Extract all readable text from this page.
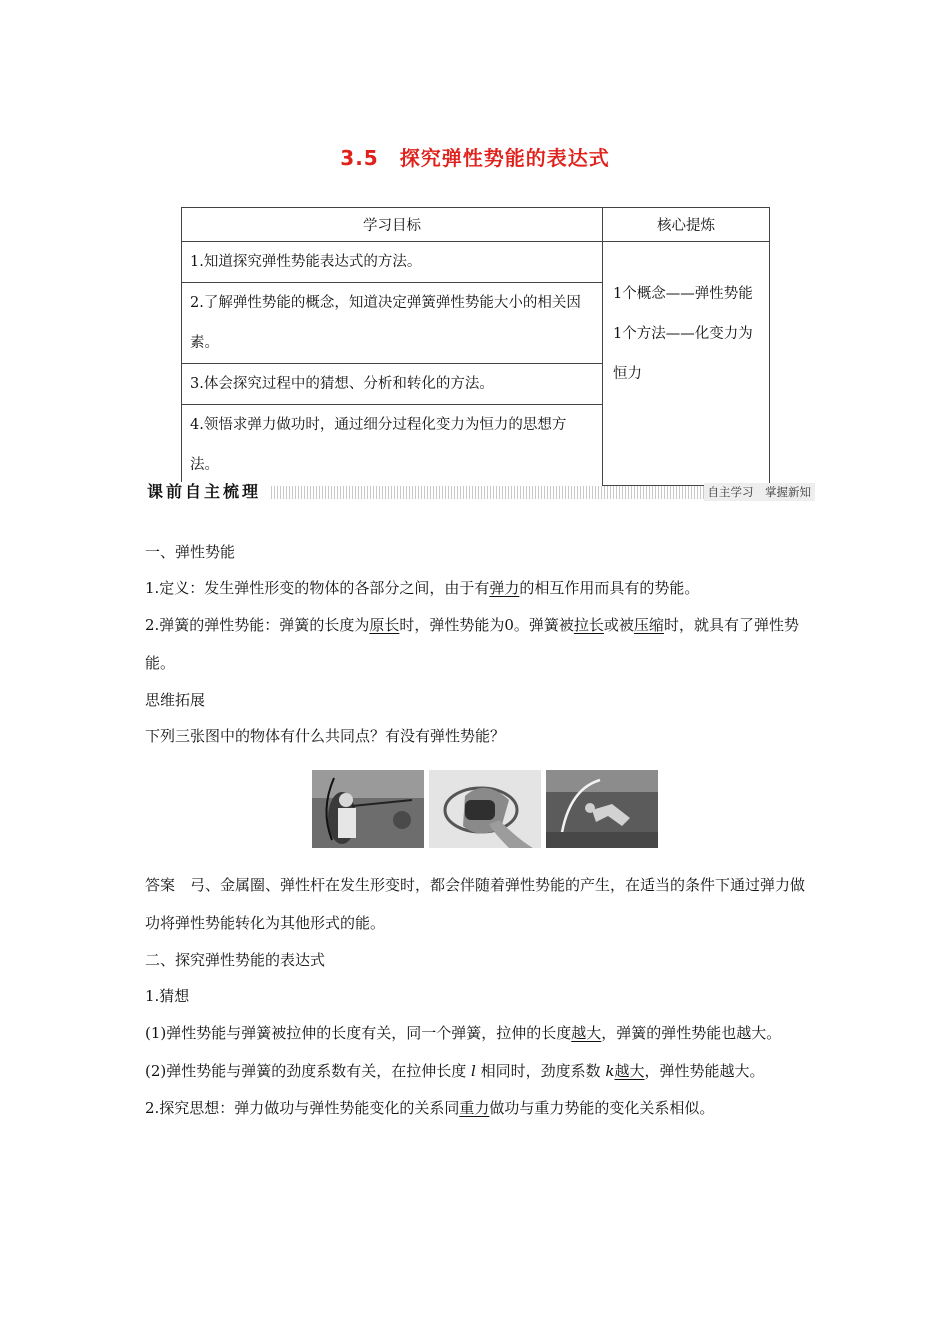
3.5　探究弹性势能的表达式
学习目标	核心提炼
1.知道探究弹性势能表达式的方法。	1个概念——弹性势能
1个方法——化变力为恒力

2.了解弹性势能的概念，知道决定弹簧弹性势能大小的相关因素。	
3.体会探究过程中的猜想、分析和转化的方法。	
4.领悟求弹力做功时，通过细分过程化变力为恒力的思想方法。	
课前自主梳理	自主学习　掌握新知

一、弹性势能

1.定义：发生弹性形变的物体的各部分之间，由于有弹力的相互作用而具有的势能。

2.弹簧的弹性势能：弹簧的长度为原长时，弹性势能为0。弹簧被拉长或被压缩时，就具有了弹性势能。

思维拓展

下列三张图中的物体有什么共同点？有没有弹性势能？

答案　弓、金属圈、弹性杆在发生形变时，都会伴随着弹性势能的产生，在适当的条件下通过弹力做功将弹性势能转化为其他形式的能。

二、探究弹性势能的表达式

1.猜想

(1)弹性势能与弹簧被拉伸的长度有关，同一个弹簧，拉伸的长度越大，弹簧的弹性势能也越大。

(2)弹性势能与弹簧的劲度系数有关，在拉伸长度 l 相同时，劲度系数 k越大，弹性势能越大。

2.探究思想：弹力做功与弹性势能变化的关系同重力做功与重力势能的变化关系相似。
